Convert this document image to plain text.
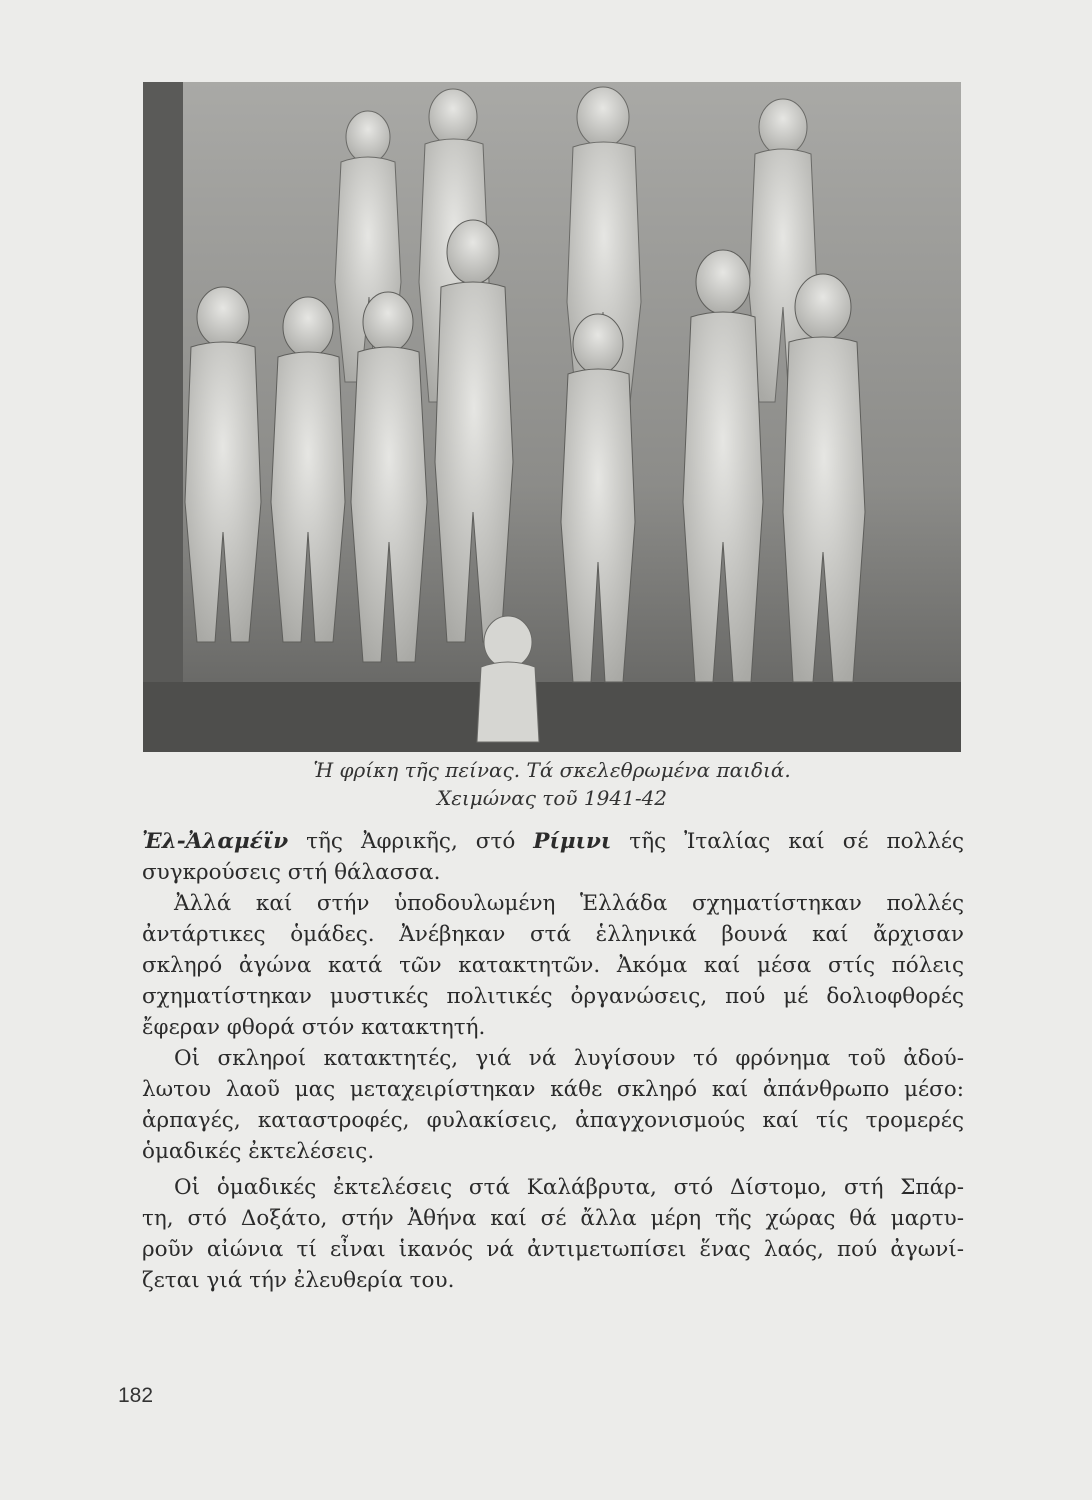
Ἡ φρίκη τῆς πείνας. Τά σκελεθρωμένα παιδιά.
Χειμώνας τοῦ 1941-42
Ἐλ-Ἀλαμέϊν τῆς Ἀφρικῆς, στό Ρίμινι τῆς Ἰταλίας καί σέ πολλές
συγκρούσεις στή θάλασσα.
Ἀλλά καί στήν ὑποδουλωμένη Ἑλλάδα σχηματίστηκαν πολλές
ἀντάρτικες ὁμάδες. Ἀνέβηκαν στά ἑλληνικά βουνά καί ἄρχισαν
σκληρό ἀγώνα κατά τῶν κατακτητῶν. Ἀκόμα καί μέσα στίς πόλεις
σχηματίστηκαν μυστικές πολιτικές ὀργανώσεις, πού μέ δολιοφθορές
ἔφεραν φθορά στόν κατακτητή.
Οἱ σκληροί κατακτητές, γιά νά λυγίσουν τό φρόνημα τοῦ ἀδού-
λωτου λαοῦ μας μεταχειρίστηκαν κάθε σκληρό καί ἀπάνθρωπο μέσο:
ἁρπαγές, καταστροφές, φυλακίσεις, ἀπαγχονισμούς καί τίς τρομερές
ὁμαδικές ἐκτελέσεις.
Οἱ ὁμαδικές ἐκτελέσεις στά Καλάβρυτα, στό Δίστομο, στή Σπάρ-
τη, στό Δοξάτο, στήν Ἀθήνα καί σέ ἄλλα μέρη τῆς χώρας θά μαρτυ-
ροῦν αἰώνια τί εἶναι ἱκανός νά ἀντιμετωπίσει ἕνας λαός, πού ἀγωνί-
ζεται γιά τήν ἐλευθερία του.
182
